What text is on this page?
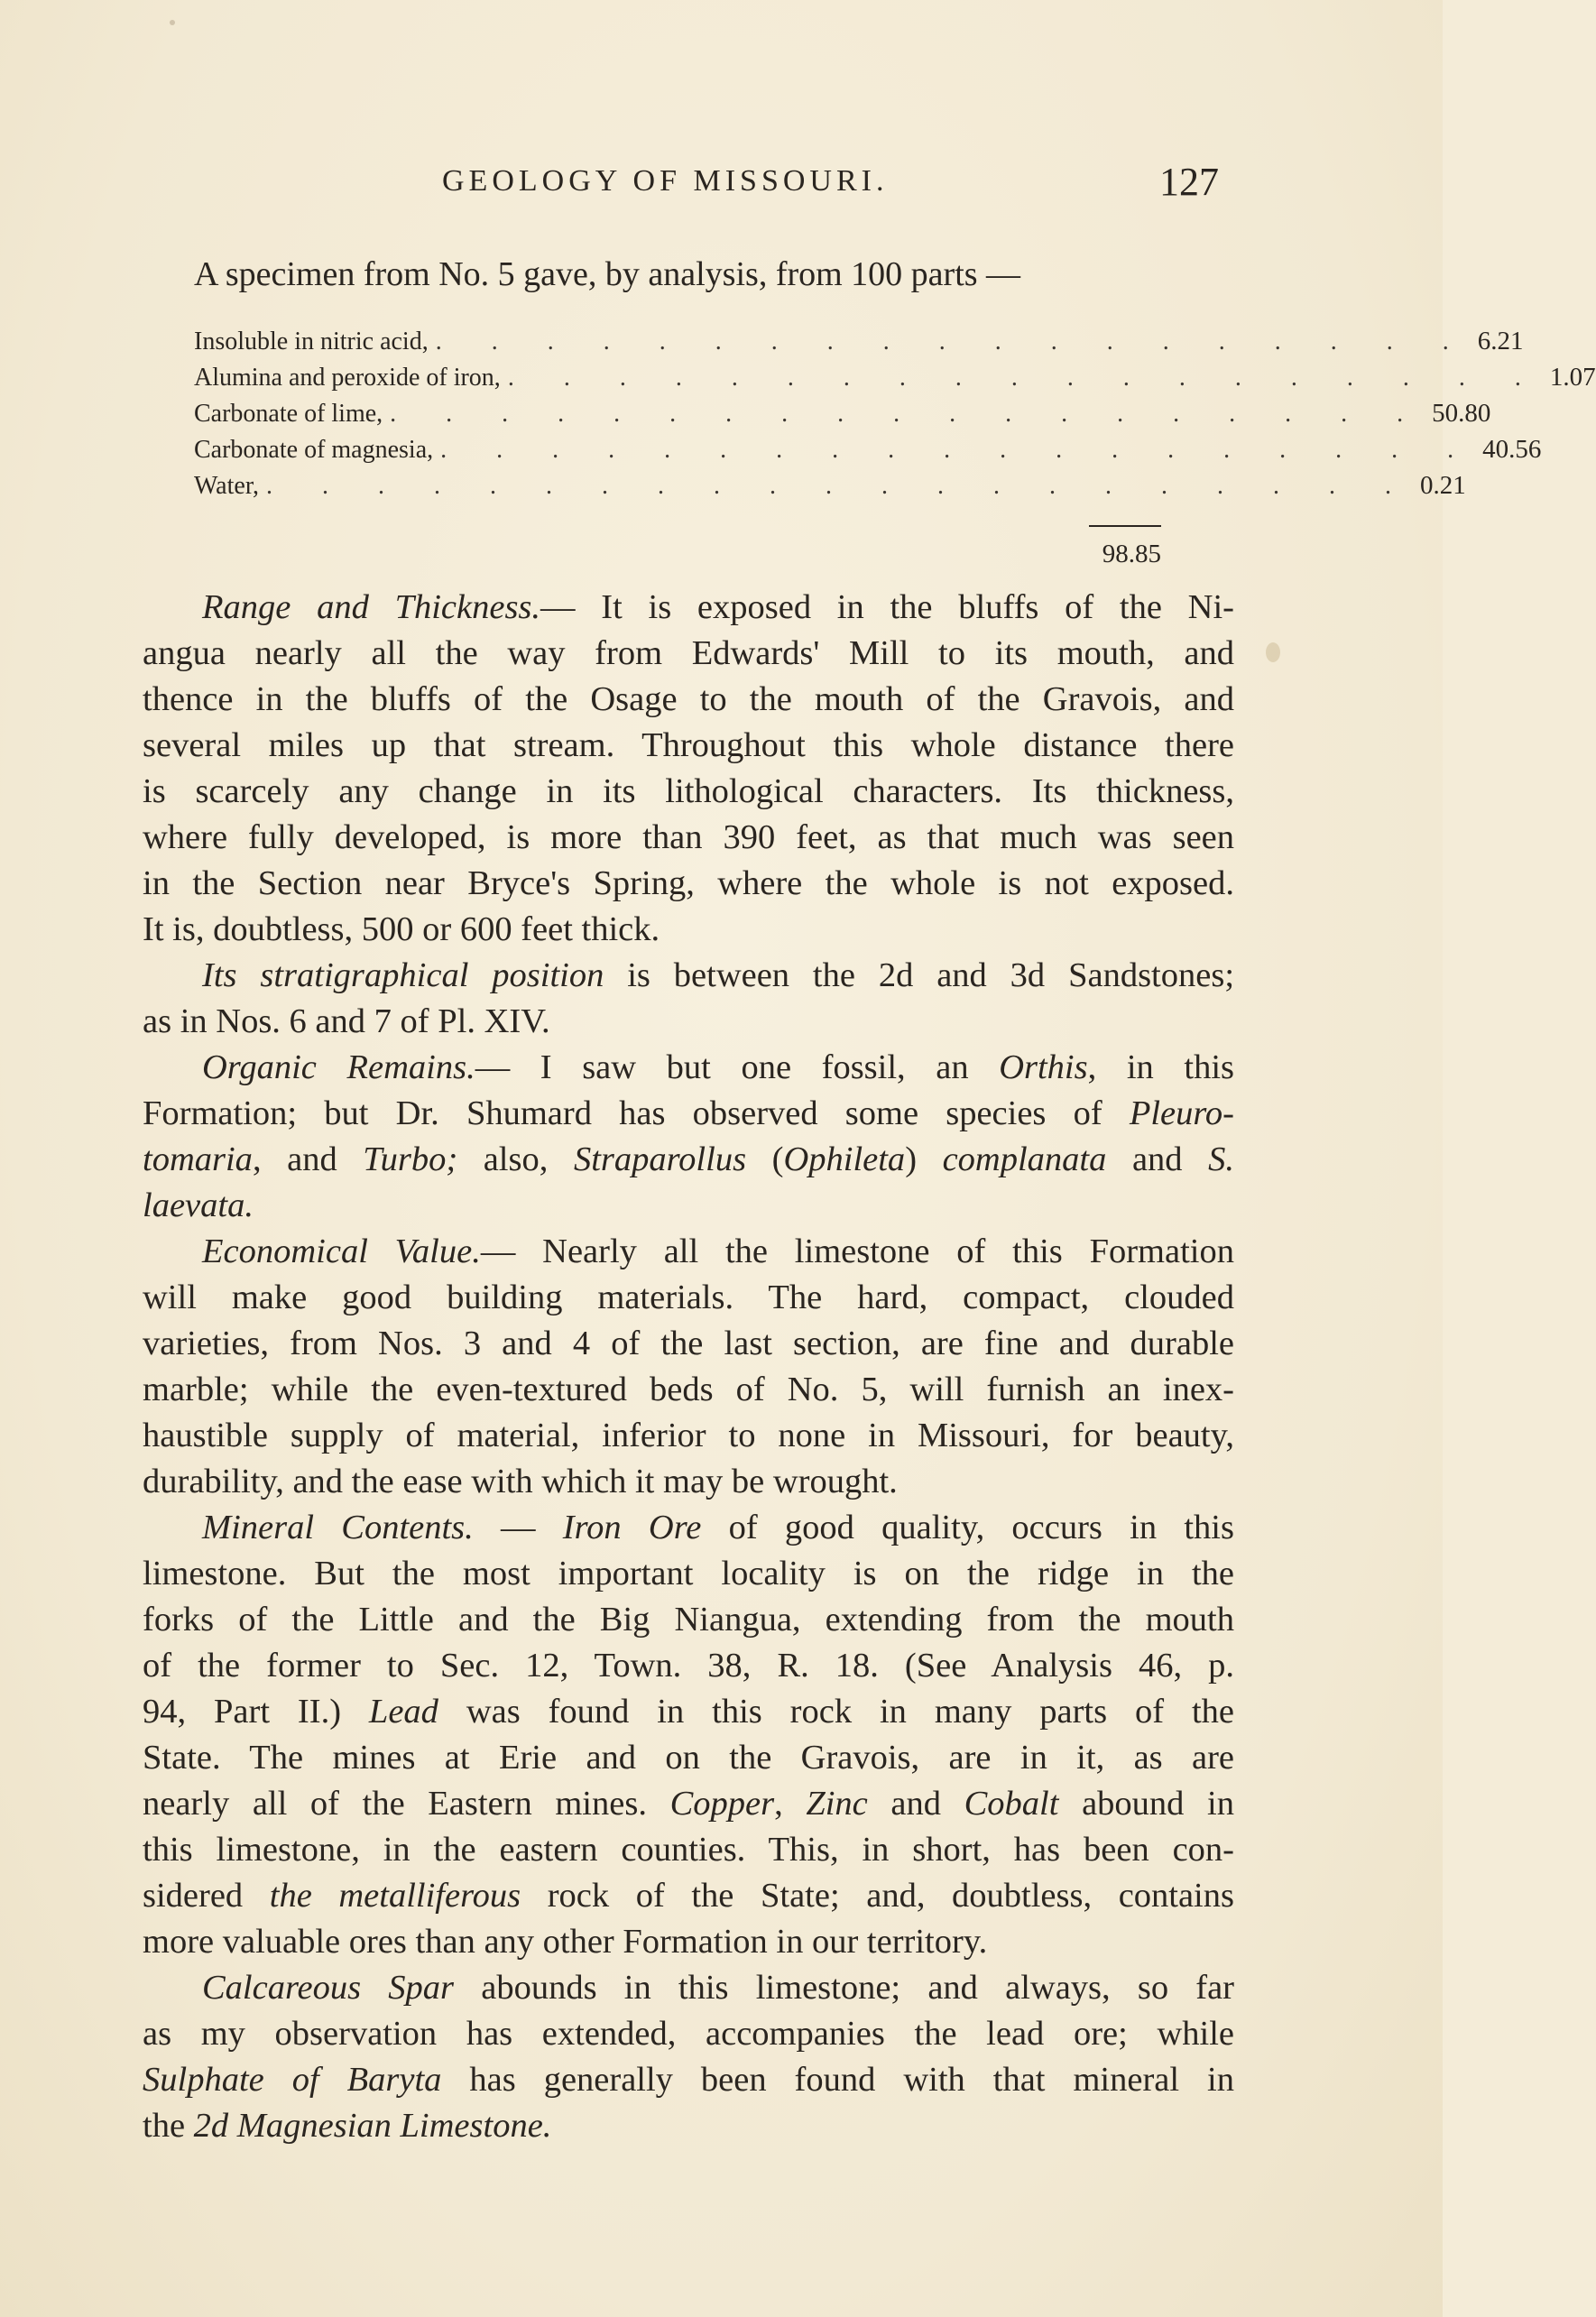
GEOLOGY OF MISSOURI.	127
A specimen from No. 5 gave, by analysis, from 100 parts —
Insoluble in nitric acid, . . . . . . . . . . . . . . . . . . . 6.21
Alumina and peroxide of iron, . . . . . . . . . . . . . . . . . . . 1.07
Carbonate of lime, . . . . . . . . . . . . . . . . . . . 50.80
Carbonate of magnesia, . . . . . . . . . . . . . . . . . . . 40.56
Water, . . . . . . . . . . . . . . . . . . . . . 0.21
98.85
Range and Thickness.— It is exposed in the bluffs of the Ni-
angua nearly all the way from Edwards' Mill to its mouth, and
thence in the bluffs of the Osage to the mouth of the Gravois, and
several miles up that stream. Throughout this whole distance there
is scarcely any change in its lithological characters. Its thickness,
where fully developed, is more than 390 feet, as that much was seen
in the Section near Bryce's Spring, where the whole is not exposed.
It is, doubtless, 500 or 600 feet thick.
Its stratigraphical position is between the 2d and 3d Sandstones;
as in Nos. 6 and 7 of Pl. XIV.
Organic Remains.— I saw but one fossil, an Orthis, in this
Formation; but Dr. Shumard has observed some species of Pleuro-
tomaria, and Turbo; also, Straparollus (Ophileta) complanata and S.
laevata.
Economical Value.— Nearly all the limestone of this Formation
will make good building materials. The hard, compact, clouded
varieties, from Nos. 3 and 4 of the last section, are fine and durable
marble; while the even-textured beds of No. 5, will furnish an inex-
haustible supply of material, inferior to none in Missouri, for beauty,
durability, and the ease with which it may be wrought.
Mineral Contents. — Iron Ore of good quality, occurs in this
limestone. But the most important locality is on the ridge in the
forks of the Little and the Big Niangua, extending from the mouth
of the former to Sec. 12, Town. 38, R. 18. (See Analysis 46, p.
94, Part II.) Lead was found in this rock in many parts of the
State. The mines at Erie and on the Gravois, are in it, as are
nearly all of the Eastern mines. Copper, Zinc and Cobalt abound in
this limestone, in the eastern counties. This, in short, has been con-
sidered the metalliferous rock of the State; and, doubtless, contains
more valuable ores than any other Formation in our territory.
Calcareous Spar abounds in this limestone; and always, so far
as my observation has extended, accompanies the lead ore; while
Sulphate of Baryta has generally been found with that mineral in
the 2d Magnesian Limestone.
